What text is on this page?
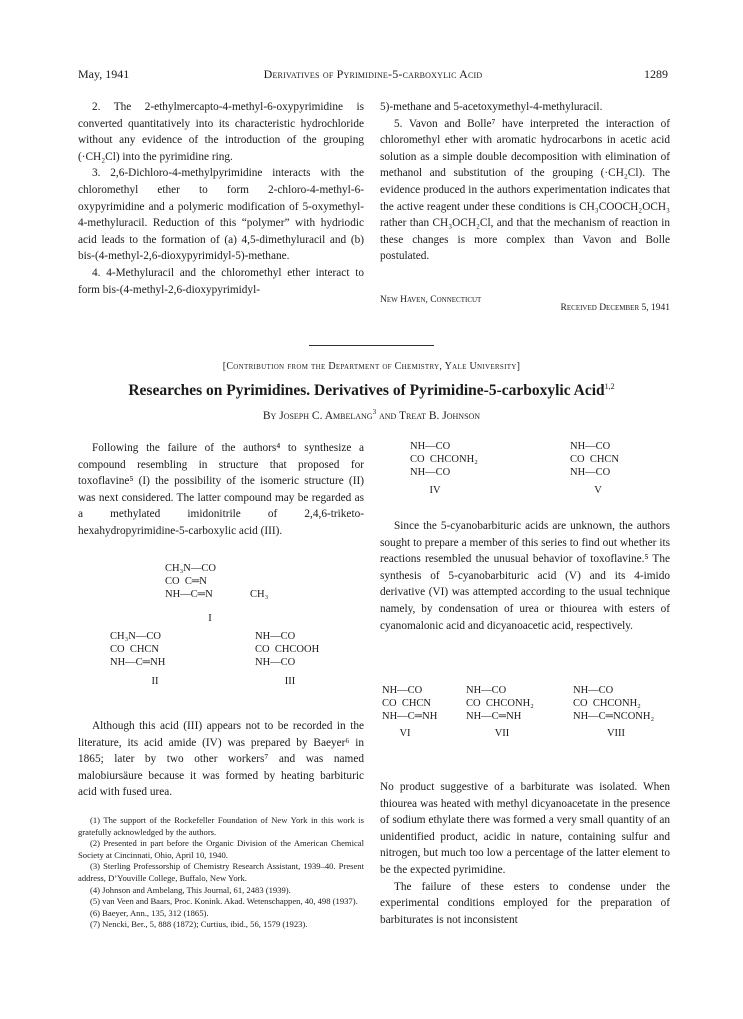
May, 1941	Derivatives of Pyrimidine-5-carboxylic Acid	1289

2. The 2-ethylmercapto-4-methyl-6-oxypyrimidine is converted quantitatively into its characteristic hydrochloride without any evidence of the introduction of the grouping (·CH₂Cl) into the pyrimidine ring.

3. 2,6-Dichloro-4-methylpyrimidine interacts with the chloromethyl ether to form 2-chloro-4-methyl-6-oxypyrimidine and a polymeric modification of 5-oxymethyl-4-methyluracil. Reduction of this “polymer” with hydriodic acid leads to the formation of (a) 4,5-dimethyluracil and (b) bis-(4-methyl-2,6-dioxypyrimidyl-5)-methane.

4. 4-Methyluracil and the chloromethyl ether interact to form bis-(4-methyl-2,6-dioxypyrimidyl-

5)-methane and 5-acetoxymethyl-4-methyluracil.

5. Vavon and Bolle⁷ have interpreted the interaction of chloromethyl ether with aromatic hydrocarbons in acetic acid solution as a simple double decomposition with elimination of methanol and substitution of the grouping (·CH₂Cl). The evidence produced in the authors experimentation indicates that the active reagent under these conditions is CH₃COOCH₂OCH₃ rather than CH₃OCH₂Cl, and that the mechanism of reaction in these changes is more complex than Vavon and Bolle postulated.

New Haven, Connecticut
Received December 5, 1941
[Contribution from the Department of Chemistry, Yale University]
Researches on Pyrimidines. Derivatives of Pyrimidine-5-carboxylic Acid$^{1,2}$
By Joseph C. Ambelang$^3$ and Treat B. Johnson

Following the failure of the authors⁴ to synthesize a compound resembling in structure that proposed for toxoflavine⁵ (I) the possibility of the isomeric structure (II) was next considered. The latter compound may be regarded as a methylated imidonitrile of 2,4,6-triketo-hexahydropyrimidine-5-carboxylic acid (III).

CH₃N—CO
CO  C═N
NH—C═N	CH₃
I
CH₃N—CO
CO  CHCN
NH—C═NH
II
NH—CO
CO  CHCOOH
NH—CO
III

Although this acid (III) appears not to be recorded in the literature, its acid amide (IV) was prepared by Baeyer⁶ in 1865; later by two other workers⁷ and was named malobiursäure because it was formed by heating barbituric acid with fused urea.

(1) The support of the Rockefeller Foundation of New York in this work is gratefully acknowledged by the authors.
(2) Presented in part before the Organic Division of the American Chemical Society at Cincinnati, Ohio, April 10, 1940.
(3) Sterling Professorship of Chemistry Research Assistant, 1939–40. Present address, D’Youville College, Buffalo, New York.
(4) Johnson and Ambelang, This Journal, 61, 2483 (1939).
(5) van Veen and Baars, Proc. Konink. Akad. Wetenschappen, 40, 498 (1937).
(6) Baeyer, Ann., 135, 312 (1865).
(7) Nencki, Ber., 5, 888 (1872); Curtius, ibid., 56, 1579 (1923).
NH—CO
CO  CHCONH₂
NH—CO
IV
NH—CO
CO  CHCN
NH—CO
V

Since the 5-cyanobarbituric acids are unknown, the authors sought to prepare a member of this series to find out whether its reactions resembled the unusual behavior of toxoflavine.⁵ The synthesis of 5-cyanobarbituric acid (V) and its 4-imido derivative (VI) was attempted according to the usual technique namely, by condensation of urea or thiourea with esters of cyanomalonic acid and dicyanoacetic acid, respectively.

NH—CO
CO  CHCN
NH—C═NH
VI
NH—CO
CO  CHCONH₂
NH—C═NH
VII
NH—CO
CO  CHCONH₂
NH—C═NCONH₂
VIII

No product suggestive of a barbiturate was isolated. When thiourea was heated with methyl dicyanoacetate in the presence of sodium ethylate there was formed a very small quantity of an unidentified product, acidic in nature, containing sulfur and nitrogen, but much too low a percentage of the latter element to be the expected pyrimidine.

The failure of these esters to condense under the experimental conditions employed for the preparation of barbiturates is not inconsistent
